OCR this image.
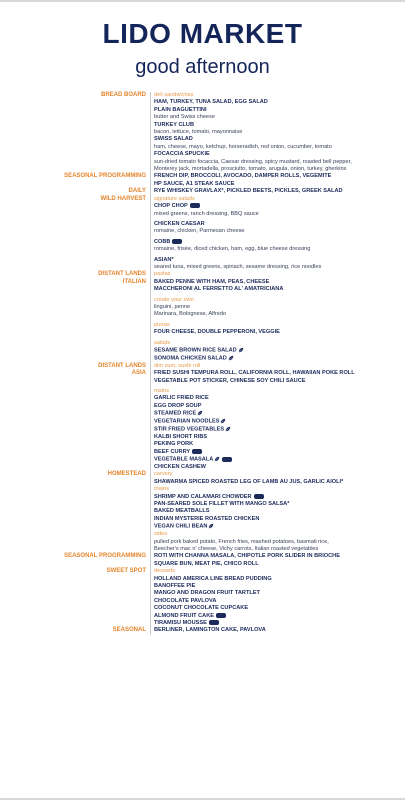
LIDO MARKET
good afternoon
BREAD BOARD deli sandwiches
HAM, TURKEY, TUNA SALAD, EGG SALAD
PLAIN BAGUETTINI
butter and Swiss cheese
TURKEY CLUB
bacon, lettuce, tomato, mayonnaise
SWISS SALAD
ham, cheese, mayo, ketchup, horseradish, red onion, cucumber, tomato
FOCACCIA SPUCKIE
sun-dried tomato focaccia, Caesar dressing, spicy mustard, roasted bell pepper,
Monterey jack, mortadella, prosciutto, tomato, arugula, onion, turkey, gherkins
SEASONAL PROGRAMMING FRENCH DIP, BROCCOLI, AVOCADO, DAMPER ROLLS, VEGEMITE
HP SAUCE, A1 STEAK SAUCE
DAILY RYE WHISKEY GRAVLAX*, PICKLED BEETS, PICKLES, GREEK SALAD
WILD HARVEST signature salads
CHOP CHOP
mixed greens, ranch dressing, BBQ sauce
CHICKEN CAESAR
romaine, chicken, Parmesan cheese
COBB
romaine, frisée, diced chicken, ham, egg, blue cheese dressing
ASIAN*
seared tuna, mixed greens, spinach, sesame dressing, rice noodles
DISTANT LANDS
ITALIAN
pastas
BAKED PENNE WITH HAM, PEAS, CHEESE
MACCHERONI AL FERRETTO AL' AMATRICIANA
create your own
linguini, penne
Marinara, Bolognese, Alfredo
pizzas
FOUR CHEESE, DOUBLE PEPPERONI, VEGGIE
salads
SESAME BROWN RICE SALAD
SONOMA CHICKEN SALAD
DISTANT LANDS
ASIA
dim sum, sushi roll
FRIED SUSHI TEMPURA ROLL, CALIFORNIA ROLL, HAWAIIAN POKE ROLL
VEGETABLE POT STICKER, CHINESE SOY CHILI SAUCE
mains
GARLIC FRIED RICE
EGG DROP SOUP
STEAMED RICE
VEGETARIAN NOODLES
STIR FRIED VEGETABLES
KALBI SHORT RIBS
PEKING PORK
BEEF CURRY
VEGETABLE MASALA
CHICKEN CASHEW
HOMESTEAD carvery
SHAWARMA SPICED ROASTED LEG OF LAMB AU JUS, GARLIC AIOLI*
mains
SHRIMP AND CALAMARI CHOWDER
PAN-SEARED SOLE FILLET WITH MANGO SALSA*
BAKED MEATBALLS
INDIAN MYSTERIE ROASTED CHICKEN
VEGAN CHILI BEAN
sides
pulled pork baked potato, French fries, mashed potatoes, basmati rice,
Beecher's mac n' cheese, Vichy carrots, Italian roasted vegetables
SEASONAL PROGRAMMING ROTI WITH CHANNA MASALA, CHIPOTLE PORK SLIDER IN BRIOCHE
SQUARE BUN, MEAT PIE, CHICO ROLL
SWEET SPOT desserts
HOLLAND AMERICA LINE BREAD PUDDING
BANOFFEE PIE
MANGO AND DRAGON FRUIT TARTLET
CHOCOLATE PAVLOVA
COCONUT CHOCOLATE CUPCAKE
ALMOND FRUIT CAKE
TIRAMISU MOUSSE
SEASONAL BERLINER, LAMINGTON CAKE, PAVLOVA
